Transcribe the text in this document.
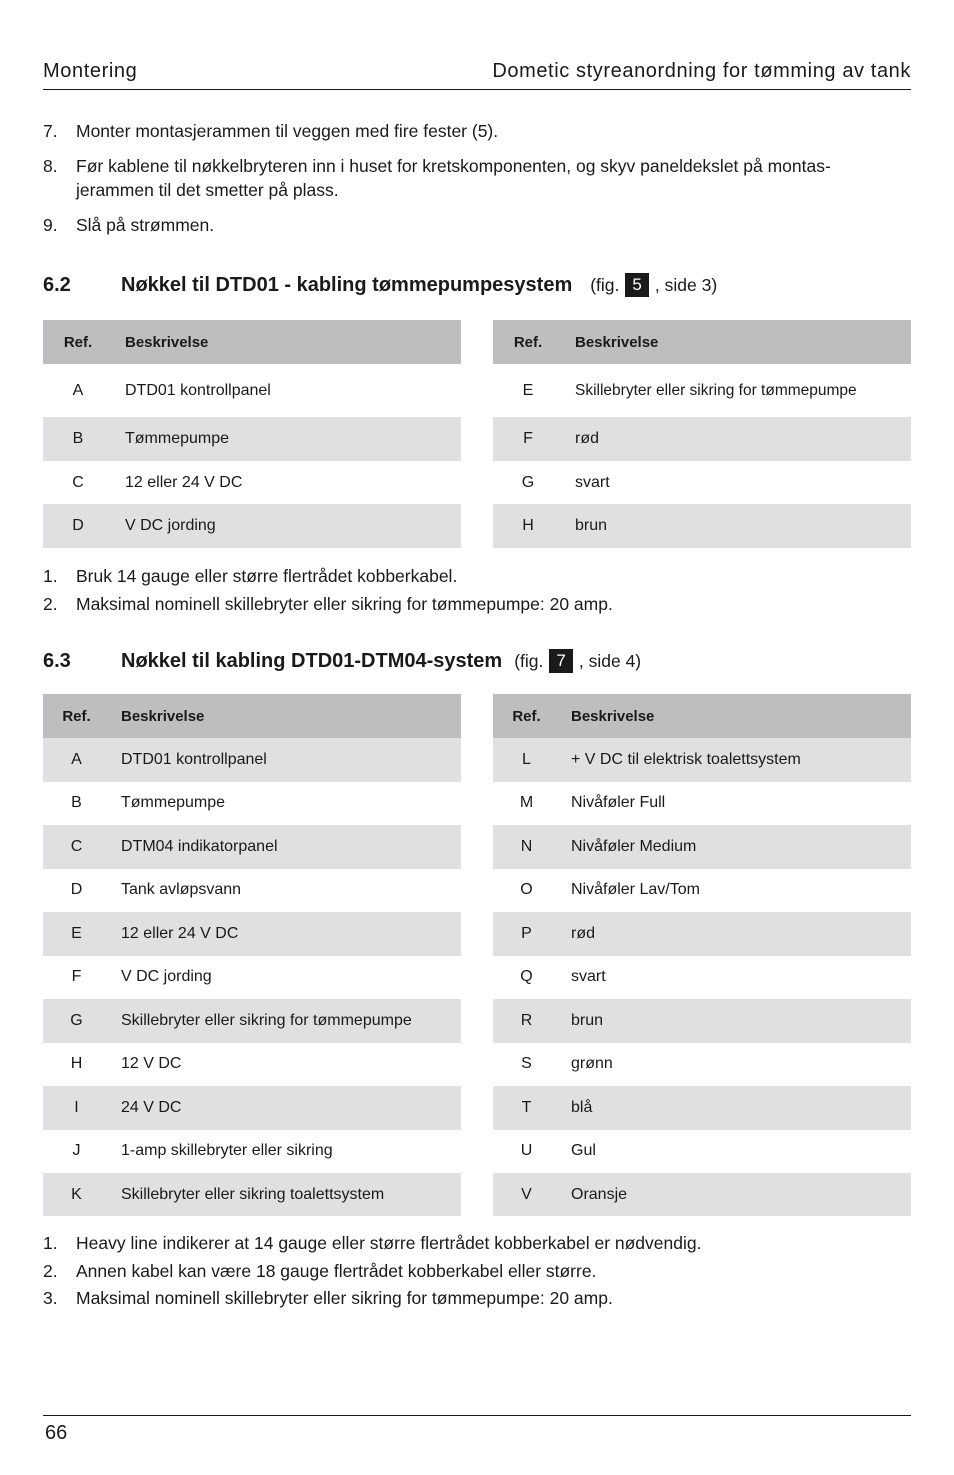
Montering	Dometic styreanordning for tømming av tank
7. Monter montasjerammen til veggen med fire fester (5).
8. Før kablene til nøkkelbryteren inn i huset for kretskomponenten, og skyv paneldekslet på montas-jerammen til det smetter på plass.
9. Slå på strømmen.
6.2	Nøkkel til DTD01 - kabling tømmepumpesystem (fig. 5 , side 3)
Ref.	Beskrivelse
A	DTD01 kontrollpanel
B	Tømmepumpe
C	12 eller 24 V DC
D	V DC jording
Ref.	Beskrivelse
E	Skillebryter eller sikring for tømmepumpe
F	rød
G	svart
H	brun
1. Bruk 14 gauge eller større flertrådet kobberkabel.
2. Maksimal nominell skillebryter eller sikring for tømmepumpe: 20 amp.
6.3	Nøkkel til kabling DTD01-DTM04-system (fig. 7 , side 4)
Ref.	Beskrivelse
A	DTD01 kontrollpanel
B	Tømmepumpe
C	DTM04 indikatorpanel
D	Tank avløpsvann
E	12 eller 24 V DC
F	V DC jording
G	Skillebryter eller sikring for tømmepumpe
H	12 V DC
I	24 V DC
J	1-amp skillebryter eller sikring
K	Skillebryter eller sikring toalettsystem
Ref.	Beskrivelse
L	+ V DC til elektrisk toalettsystem
M	Nivåføler Full
N	Nivåføler Medium
O	Nivåføler Lav/Tom
P	rød
Q	svart
R	brun
S	grønn
T	blå
U	Gul
V	Oransje
1. Heavy line indikerer at 14 gauge eller større flertrådet kobberkabel er nødvendig.
2. Annen kabel kan være 18 gauge flertrådet kobberkabel eller større.
3. Maksimal nominell skillebryter eller sikring for tømmepumpe: 20 amp.
66
